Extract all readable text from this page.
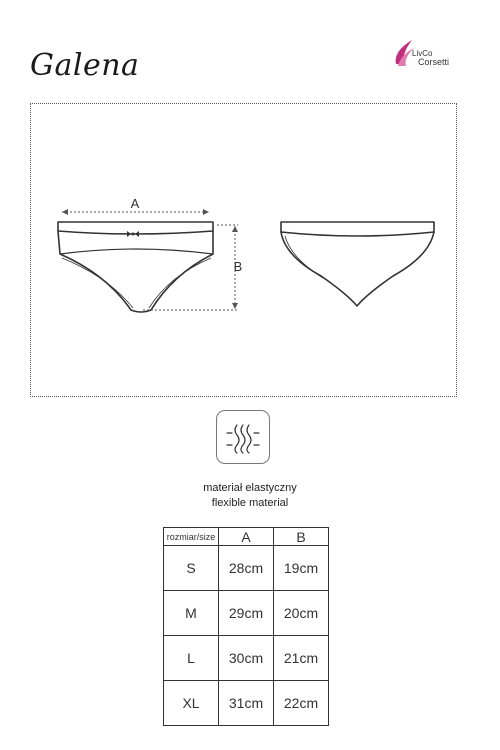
Galena	LivCo
Corsetti
A
B
materiał elastyczny
flexible material
rozmiar/size	A	B
S	28cm	19cm
M	29cm	20cm
L	30cm	21cm
XL	31cm	22cm
